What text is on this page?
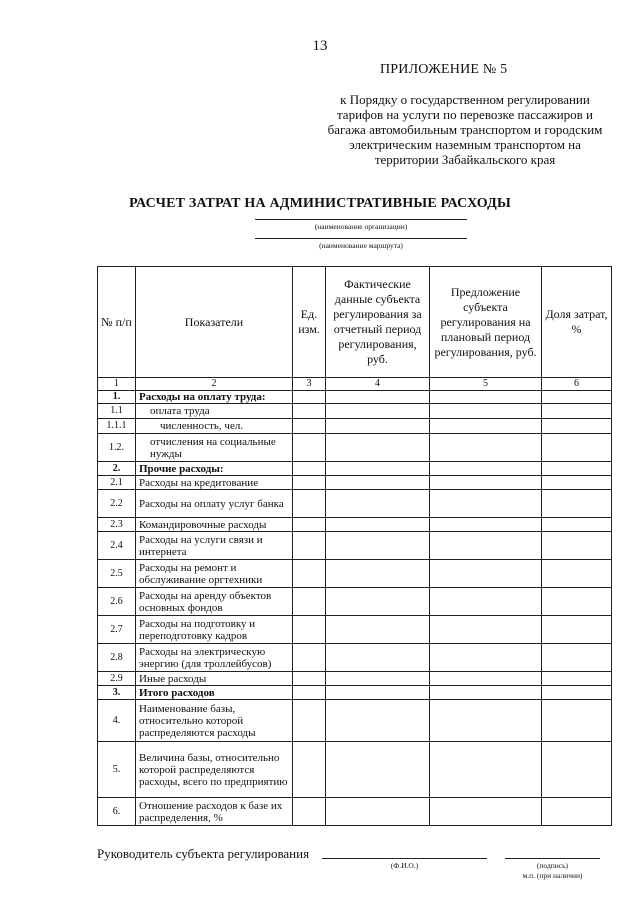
13
ПРИЛОЖЕНИЕ № 5
к Порядку о государственном регулировании тарифов на услуги по перевозке пассажиров и багажа автомобильным транспортом и городским электрическим наземным транспортом на территории Забайкальского края
РАСЧЕТ ЗАТРАТ НА АДМИНИСТРАТИВНЫЕ РАСХОДЫ
(наименование организации)
(наименование маршрута)
№ п/п	Показатели	Ед. изм.	Фактические данные субъекта регулирования за отчетный период регулирования, руб.	Предложение субъекта регулирования на плановый период регулирования, руб.	Доля затрат, %
1	2	3	4	5	6
1.	Расходы на оплату труда:				
1.1	оплата труда				
1.1.1	численность, чел.				
1.2.	отчисления на социальные нужды				
2.	Прочие расходы:				
2.1	Расходы на кредитование				
2.2	Расходы на оплату услуг банка				
2.3	Командировочные расходы				
2.4	Расходы на услуги связи и интернета				
2.5	Расходы на ремонт и обслуживание оргтехники				
2.6	Расходы на аренду объектов основных фондов				
2.7	Расходы на подготовку и переподготовку кадров				
2.8	Расходы на электрическую энергию (для троллейбусов)				
2.9	Иные расходы				
3.	Итого расходов				
4.	Наименование базы, относительно которой распределяются расходы				
5.	Величина базы, относительно которой распределяются расходы, всего по предприятию				
6.	Отношение расходов к базе их распределения, %				
Руководитель субъекта регулирования
(Ф.И.О.)	(подпись)
м.п. (при наличии)
